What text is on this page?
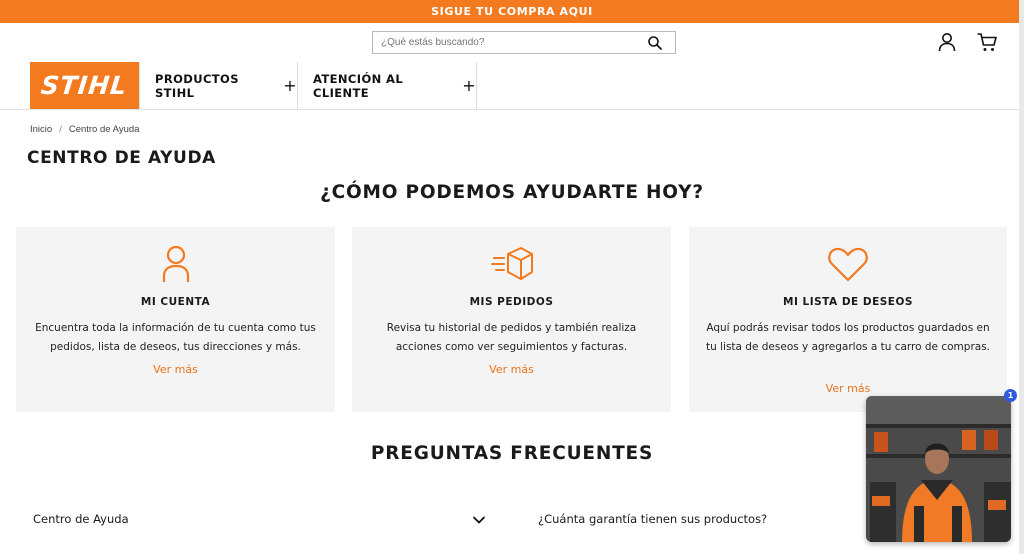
SIGUE TU COMPRA AQUI
¿Qué estás buscando?
STIHL PRODUCTOS STIHL	+ ATENCIÓN AL CLIENTE	+
Inicio / Centro de Ayuda
CENTRO DE AYUDA
¿CÓMO PODEMOS AYUDARTE HOY?
MI CUENTA
Encuentra toda la información de tu cuenta como tus pedidos, lista de deseos, tus direcciones y más.
Ver más
MIS PEDIDOS
Revisa tu historial de pedidos y también realiza acciones como ver seguimientos y facturas.
Ver más
MI LISTA DE DESEOS
Aquí podrás revisar todos los productos guardados en tu lista de deseos y agregarlos a tu carro de compras.
Ver más
PREGUNTAS FRECUENTES
Centro de Ayuda	¿Cuánta garantía tienen sus productos?
1
